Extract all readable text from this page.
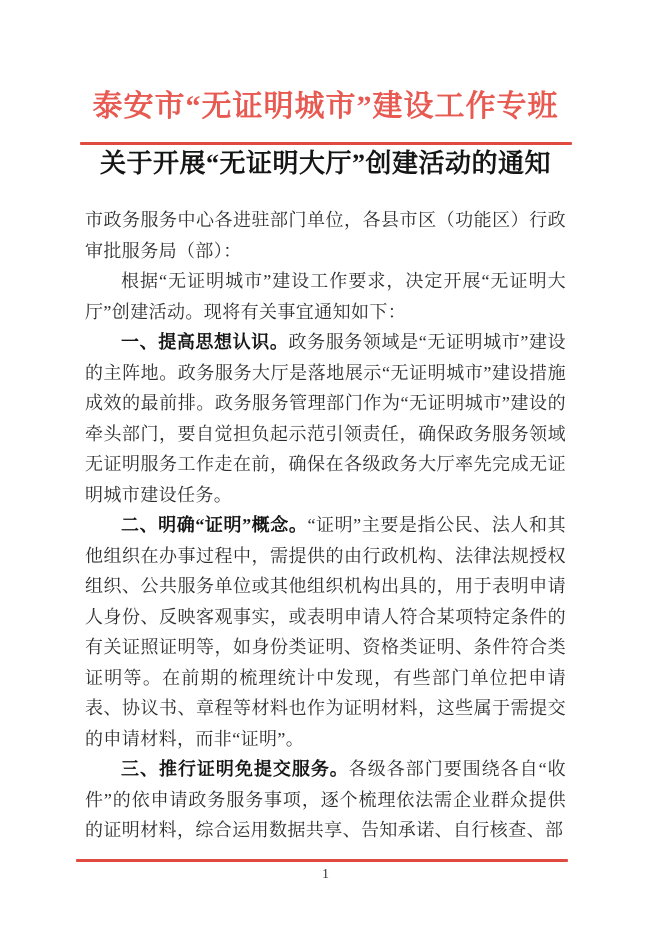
泰安市“无证明城市”建设工作专班
关于开展“无证明大厅”创建活动的通知

市政务服务中心各进驻部门单位，各县市区（功能区）行政审批服务局（部）：

根据“无证明城市”建设工作要求，决定开展“无证明大厅”创建活动。现将有关事宜通知如下：

一、提高思想认识。政务服务领域是“无证明城市”建设的主阵地。政务服务大厅是落地展示“无证明城市”建设措施成效的最前排。政务服务管理部门作为“无证明城市”建设的牵头部门，要自觉担负起示范引领责任，确保政务服务领域无证明服务工作走在前，确保在各级政务大厅率先完成无证明城市建设任务。

二、明确“证明”概念。“证明”主要是指公民、法人和其他组织在办事过程中，需提供的由行政机构、法律法规授权组织、公共服务单位或其他组织机构出具的，用于表明申请人身份、反映客观事实，或表明申请人符合某项特定条件的有关证照证明等，如身份类证明、资格类证明、条件符合类证明等。在前期的梳理统计中发现，有些部门单位把申请表、协议书、章程等材料也作为证明材料，这些属于需提交的申请材料，而非“证明”。

三、推行证明免提交服务。各级各部门要围绕各自“收件”的依申请政务服务事项，逐个梳理依法需企业群众提供的证明材料，综合运用数据共享、告知承诺、自行核查、部

1
